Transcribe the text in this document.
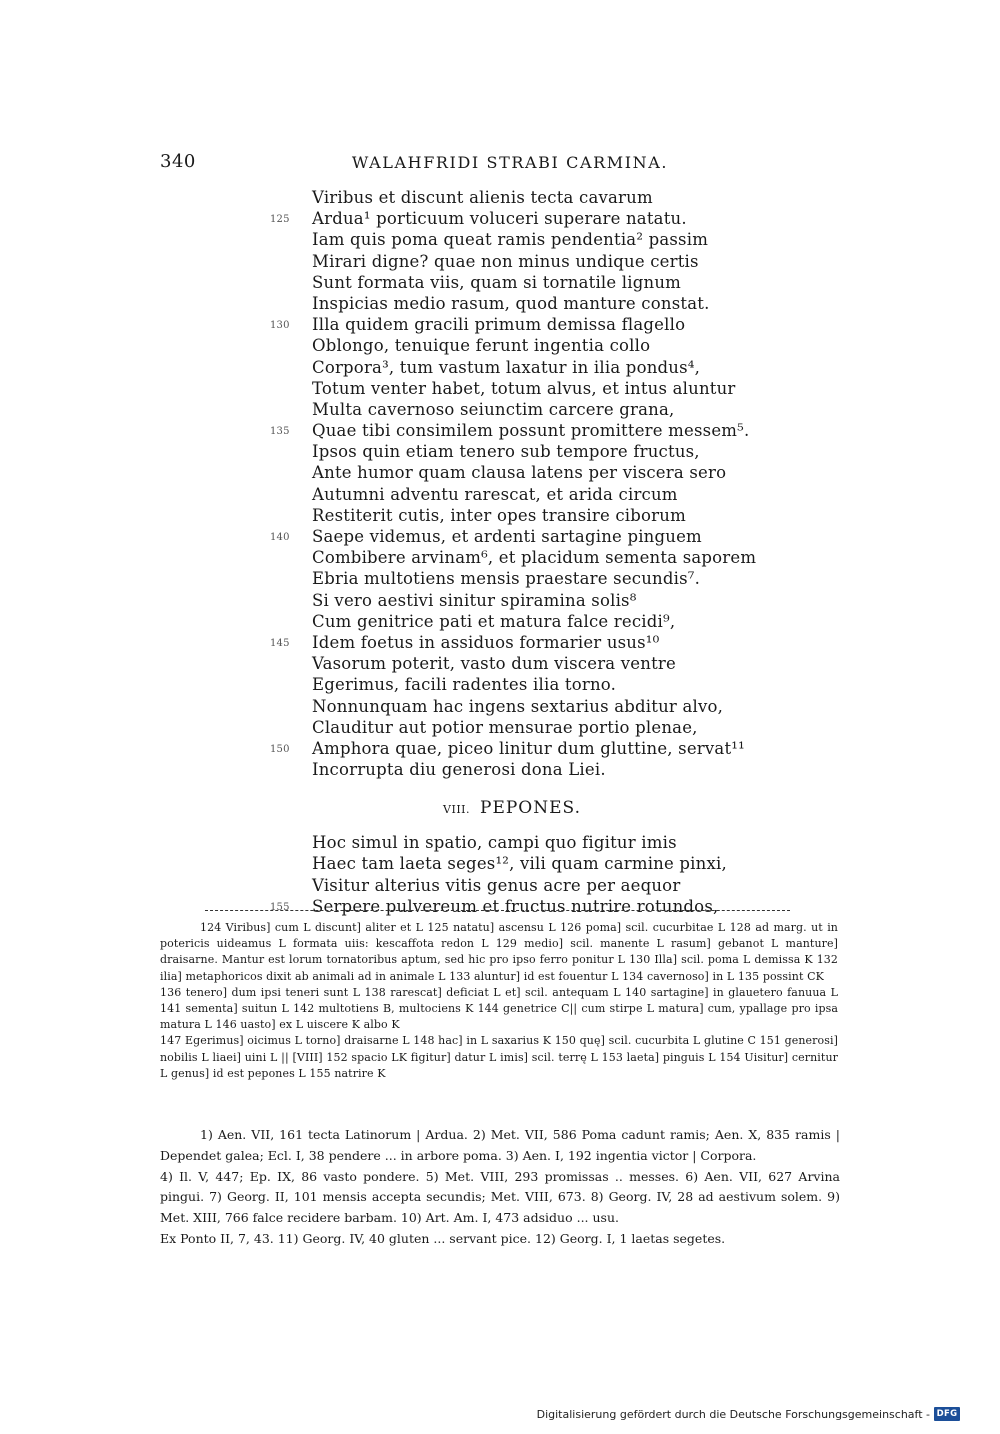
340	WALAHFRIDI STRABI CARMINA.
Viribus et discunt alienis tecta cavarum
Ardua¹ porticuum voluceri superare natatu.
125
Iam quis poma queat ramis pendentia² passim
Mirari digne? quae non minus undique certis
Sunt formata viis, quam si tornatile lignum
Inspicias medio rasum, quod manture constat.
Illa quidem gracili primum demissa flagello
130
Oblongo, tenuique ferunt ingentia collo
Corpora³, tum vastum laxatur in ilia pondus⁴,
Totum venter habet, totum alvus, et intus aluntur
Multa cavernoso seiunctim carcere grana,
Quae tibi consimilem possunt promittere messem⁵.
135
Ipsos quin etiam tenero sub tempore fructus,
Ante humor quam clausa latens per viscera sero
Autumni adventu rarescat, et arida circum
Restiterit cutis, inter opes transire ciborum
Saepe videmus, et ardenti sartagine pinguem
140
Combibere arvinam⁶, et placidum sementa saporem
Ebria multotiens mensis praestare secundis⁷.
Si vero aestivi sinitur spiramina solis⁸
Cum genitrice pati et matura falce recidi⁹,
Idem foetus in assiduos formarier usus¹⁰
145
Vasorum poterit, vasto dum viscera ventre
Egerimus, facili radentes ilia torno.
Nonnunquam hac ingens sextarius abditur alvo,
Clauditur aut potior mensurae portio plenae,
Amphora quae, piceo linitur dum gluttine, servat¹¹
150
Incorrupta diu generosi dona Liei.
VIII. PEPONES.
Hoc simul in spatio, campi quo figitur imis
Haec tam laeta seges¹², vili quam carmine pinxi,
Visitur alterius vitis genus acre per aequor
Serpere pulvereum et fructus nutrire rotundos,
155
124 Viribus] cum L discunt] aliter et L 125 natatu] ascensu L 126 poma] scil. cucurbitae L 128 ad marg. ut in potericis uideamus L formata uiis: kescaffota redon L 129 medio] scil. manente L rasum] gebanot L manture] draisarne. Mantur est lorum tornatoribus aptum, sed hic pro ipso ferro ponitur L 130 Illa] scil. poma L demissa K 132 ilia] metaphoricos dixit ab animali ad in animale L 133 aluntur] id est fouentur L 134 cavernoso] in L 135 possint CK
136 tenero] dum ipsi teneri sunt L 138 rarescat] deficiat L et] scil. antequam L 140 sartagine] in glauetero fanuua L 141 sementa] suitun L 142 multotiens B, multociens K 144 genetrice C|| cum stirpe L matura] cum, ypallage pro ipsa matura L 146 uasto] ex L uiscere K albo K
147 Egerimus] oicimus L torno] draisarne L 148 hac] in L saxarius K 150 quę] scil. cucurbita L glutine C 151 generosi] nobilis L liaei] uini L || [VIII] 152 spacio LK figitur] datur L imis] scil. terrę L 153 laeta] pinguis L 154 Uisitur] cernitur L genus] id est pepones L 155 natrire K
1) Aen. VII, 161 tecta Latinorum | Ardua. 2) Met. VII, 586 Poma cadunt ramis; Aen. X, 835 ramis | Dependet galea; Ecl. I, 38 pendere ... in arbore poma. 3) Aen. I, 192 ingentia victor | Corpora.
4) Il. V, 447; Ep. IX, 86 vasto pondere. 5) Met. VIII, 293 promissas .. messes. 6) Aen. VII, 627 Arvina pingui. 7) Georg. II, 101 mensis accepta secundis; Met. VIII, 673. 8) Georg. IV, 28 ad aestivum solem. 9) Met. XIII, 766 falce recidere barbam. 10) Art. Am. I, 473 adsiduo ... usu.
Ex Ponto II, 7, 43. 11) Georg. IV, 40 gluten ... servant pice. 12) Georg. I, 1 laetas segetes.
Digitalisierung gefördert durch die Deutsche Forschungsgemeinschaft - DFG
